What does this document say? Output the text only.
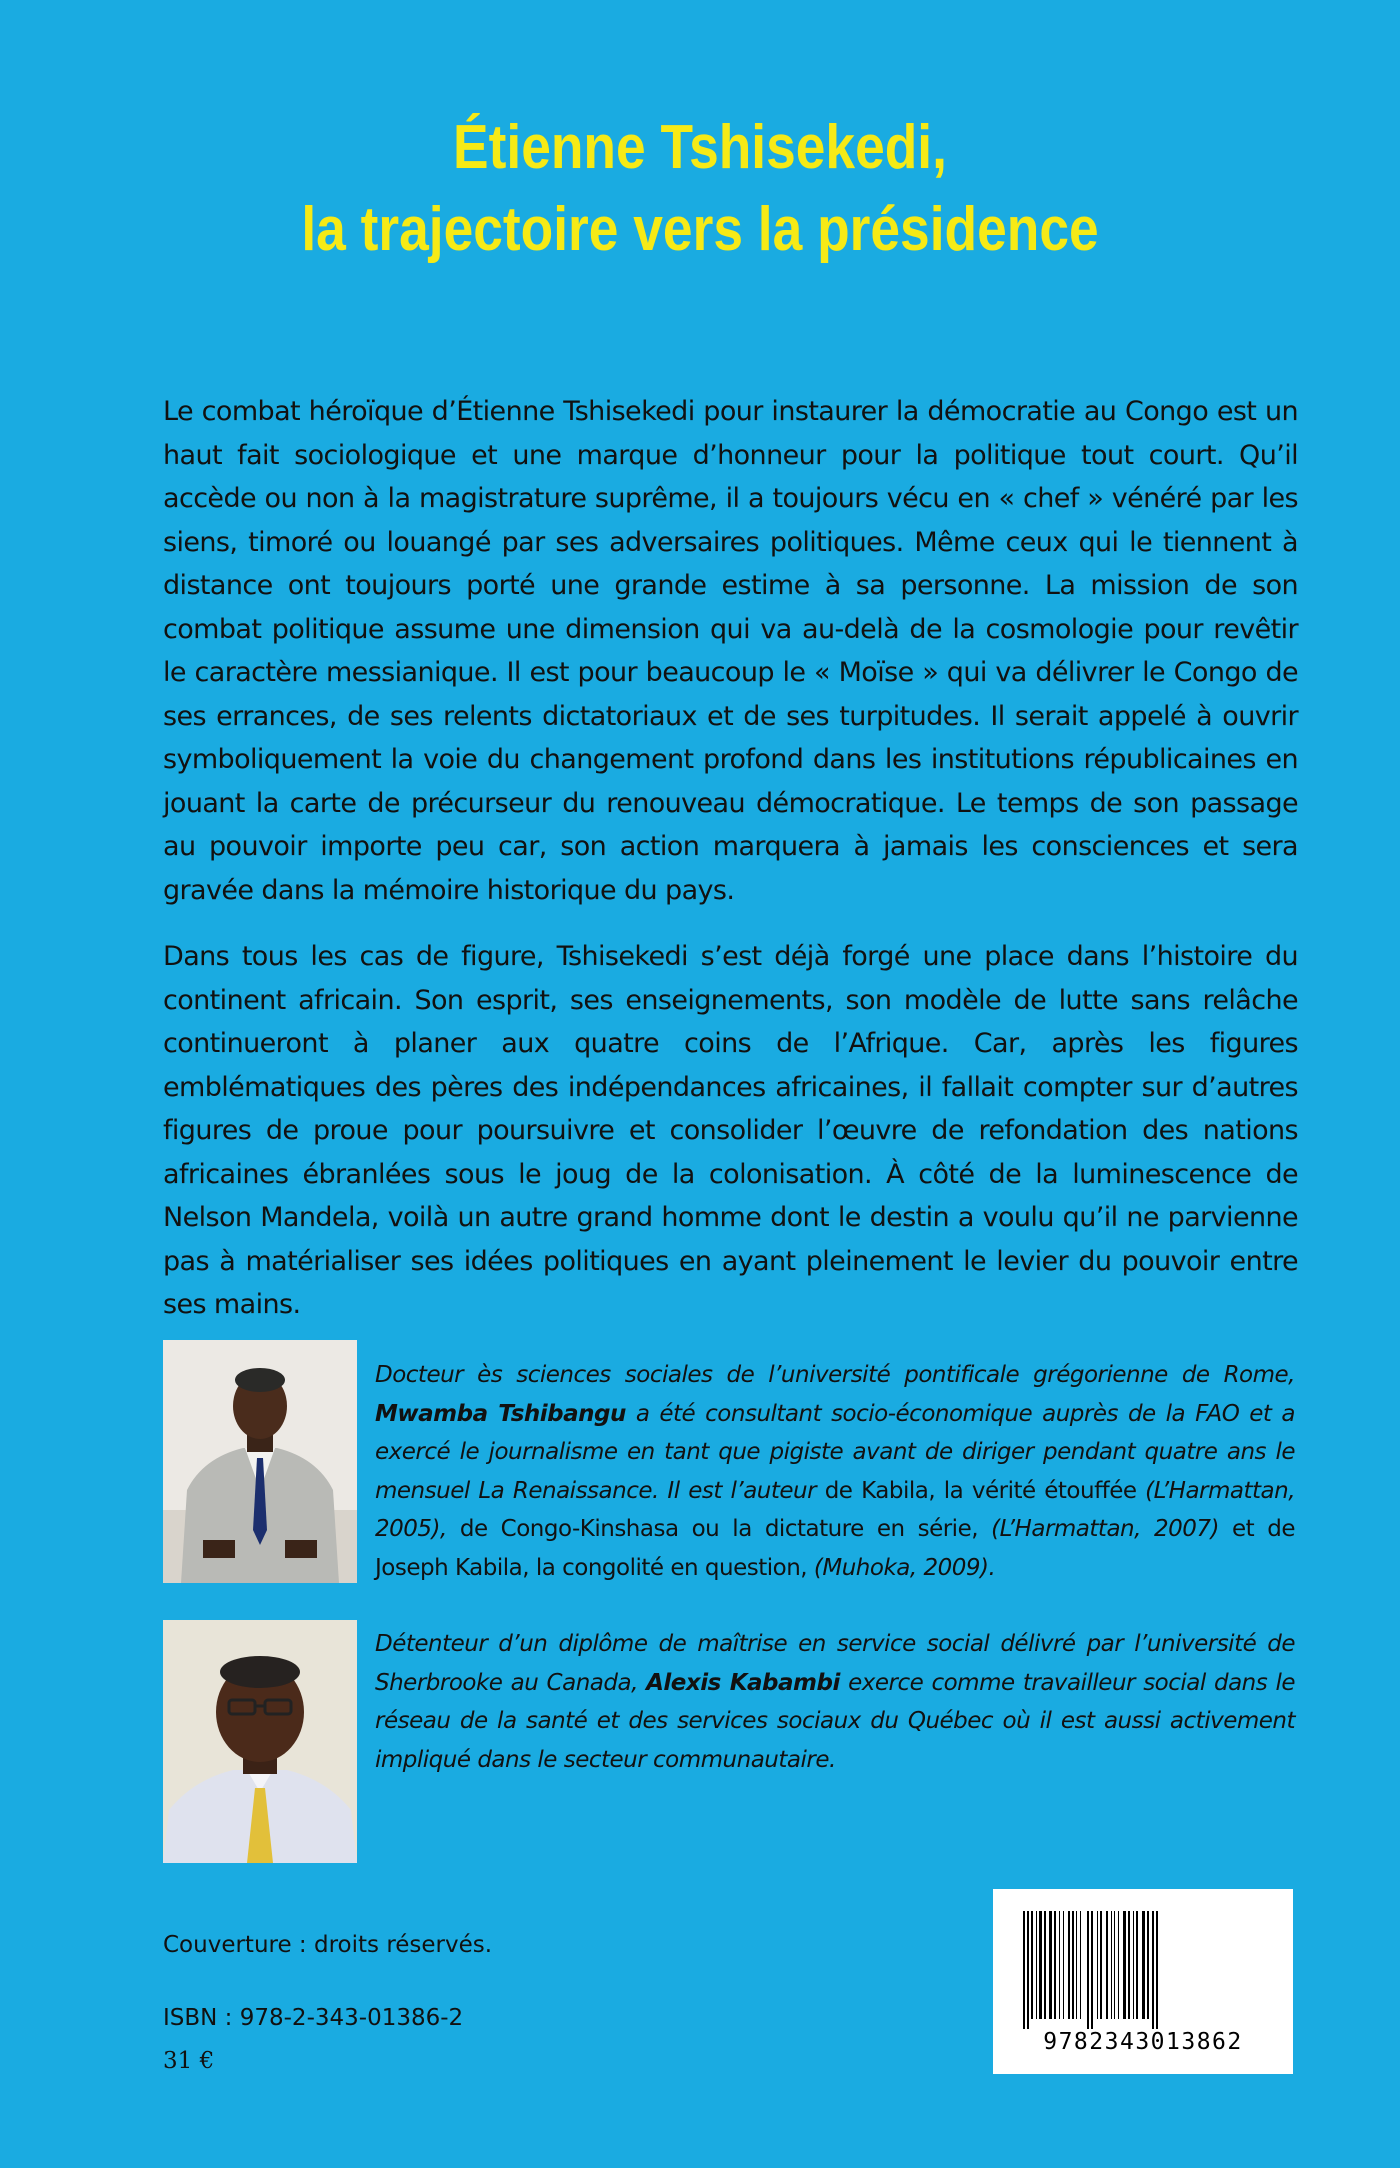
Étienne Tshisekedi,
la trajectoire vers la présidence

Le combat héroïque d’Étienne Tshisekedi pour instaurer la démocratie au Congo est un haut fait sociologique et une marque d’honneur pour la politique tout court. Qu’il accède ou non à la magistrature suprême, il a toujours vécu en « chef » vénéré par les siens, timoré ou louangé par ses adversaires politiques. Même ceux qui le tiennent à distance ont toujours porté une grande estime à sa personne. La mission de son combat politique assume une dimension qui va au-delà de la cosmologie pour revêtir le caractère messianique. Il est pour beaucoup le « Moïse » qui va délivrer le Congo de ses errances, de ses relents dictatoriaux et de ses turpitudes. Il serait appelé à ouvrir symboliquement la voie du changement profond dans les institutions républicaines en jouant la carte de précurseur du renouveau démocratique. Le temps de son passage au pouvoir importe peu car, son action marquera à jamais les consciences et sera gravée dans la mémoire historique du pays.

Dans tous les cas de figure, Tshisekedi s’est déjà forgé une place dans l’histoire du continent africain. Son esprit, ses enseignements, son modèle de lutte sans relâche continueront à planer aux quatre coins de l’Afrique. Car, après les figures emblématiques des pères des indépendances africaines, il fallait compter sur d’autres figures de proue pour poursuivre et consolider l’œuvre de refondation des nations africaines ébranlées sous le joug de la colonisation. À côté de la luminescence de Nelson Mandela, voilà un autre grand homme dont le destin a voulu qu’il ne parvienne pas à matérialiser ses idées politiques en ayant pleinement le levier du pouvoir entre ses mains.

Docteur ès sciences sociales de l’université pontificale grégorienne de Rome, Mwamba Tshibangu a été consultant socio-économique auprès de la FAO et a exercé le journalisme en tant que pigiste avant de diriger pendant quatre ans le mensuel La Renaissance. Il est l’auteur de Kabila, la vérité étouffée (L’Harmattan, 2005), de Congo-Kinshasa ou la dictature en série, (L’Harmattan, 2007) et de Joseph Kabila, la congolité en question, (Muhoka, 2009).
Détenteur d’un diplôme de maîtrise en service social délivré par l’université de Sherbrooke au Canada, Alexis Kabambi exerce comme travailleur social dans le réseau de la santé et des services sociaux du Québec où il est aussi activement impliqué dans le secteur communautaire.
Couverture : droits réservés.
ISBN : 978-2-343-01386-2
31 €
9782343013862
